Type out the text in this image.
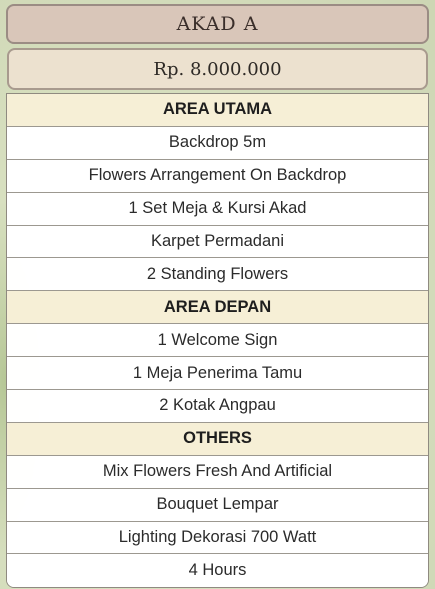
AKAD A
Rp. 8.000.000
AREA UTAMA
Backdrop 5m
Flowers Arrangement On Backdrop
1 Set Meja & Kursi Akad
Karpet Permadani
2 Standing Flowers
AREA DEPAN
1 Welcome Sign
1 Meja Penerima Tamu
2 Kotak Angpau
OTHERS
Mix Flowers Fresh And Artificial
Bouquet Lempar
Lighting Dekorasi 700 Watt
4 Hours
